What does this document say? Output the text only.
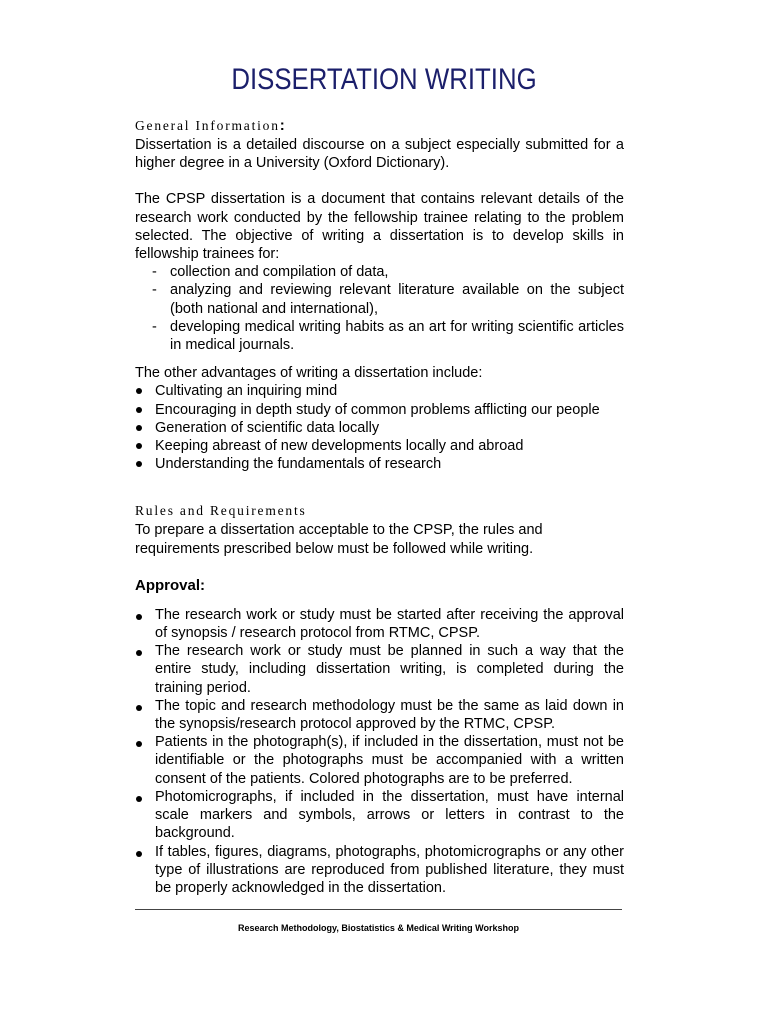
DISSERTATION WRITING
General Information:

Dissertation is a detailed discourse on a subject especially submitted for a higher degree in a University (Oxford Dictionary).

The CPSP dissertation is a document that contains relevant details of the research work conducted by the fellowship trainee relating to the problem selected. The objective of writing a dissertation is to develop skills in fellowship trainees for:

- collection and compilation of data,
- analyzing and reviewing relevant literature available on the subject (both national and international),
- developing medical writing habits as an art for writing scientific articles in medical journals.

The other advantages of writing a dissertation include:

Cultivating an inquiring mind
Encouraging in depth study of common problems afflicting our people
Generation of scientific data locally
Keeping abreast of new developments locally and abroad
Understanding the fundamentals of research
Rules and Requirements

To prepare a dissertation acceptable to the CPSP, the rules and requirements prescribed below must be followed while writing.

Approval:
The research work or study must be started after receiving the approval of synopsis / research protocol from RTMC, CPSP.
The research work or study must be planned in such a way that the entire study, including dissertation writing, is completed during the training period.
The topic and research methodology must be the same as laid down in the synopsis/research protocol approved by the RTMC, CPSP.
Patients in the photograph(s), if included in the dissertation, must not be identifiable or the photographs must be accompanied with a written consent of the patients. Colored photographs are to be preferred.
Photomicrographs, if included in the dissertation, must have internal scale markers and symbols, arrows or letters in contrast to the background.
If tables, figures, diagrams, photographs, photomicrographs or any other type of illustrations are reproduced from published literature, they must be properly acknowledged in the dissertation.
Research Methodology, Biostatistics & Medical Writing Workshop
